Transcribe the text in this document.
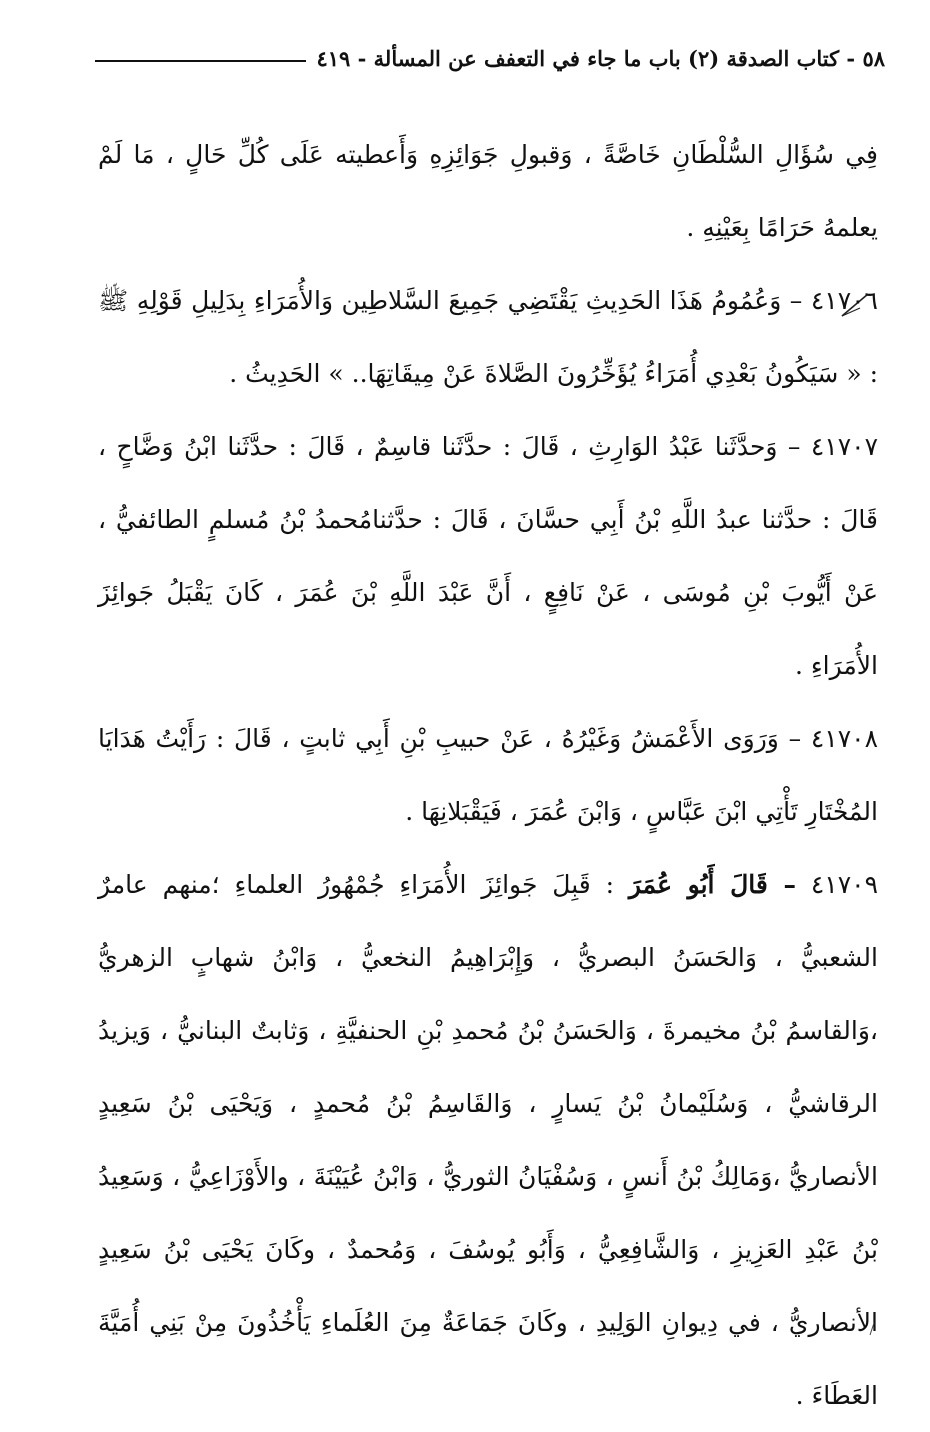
٥٨ - كتاب الصدقة (٢) باب ما جاء في التعفف عن المسألة - ٤١٩

فِي سُؤَالِ السُّلْطَانِ خَاصَّةً ، وَقبولِ جَوَائِزِهِ وَأَعطيته عَلَى كُلِّ حَالٍ ، مَا لَمْ يعلمهُ حَرَامًا بِعَيْنِهِ .

٤١٧٠٦ – وَعُمُومُ هَذَا الحَدِيثِ يَقْتَضِي جَمِيعَ السَّلاطِين وَالأُمَرَاءِ بِدَلِيلِ قَوْلِهِ ﷺ : « سَيَكُونُ بَعْدِي أُمَرَاءُ يُؤَخِّرُونَ الصَّلاةَ عَنْ مِيقَاتِهَا.. » الحَدِيثُ .

٤١٧٠٧ – وَحدَّثَنا عَبْدُ الوَارِثِ ، قَالَ : حدَّثَنا قاسِمٌ ، قَالَ : حدَّثَنا ابْنُ وَضَّاحٍ ، قَالَ : حدَّثنا عبدُ اللَّهِ بْنُ أَبِي حسَّانَ ، قَالَ : حدَّثنامُحمدُ بْنُ مُسلمٍ الطائفيُّ ، عَنْ أَيُّوبَ بْنِ مُوسَى ، عَنْ نَافِعٍ ، أَنَّ عَبْدَ اللَّهِ بْنَ عُمَرَ ، كَانَ يَقْبَلُ جَوائِزَ الأُمَرَاءِ .

٤١٧٠٨ – وَرَوَى الأَعْمَشُ وَغَيْرُهُ ، عَنْ حبيبِ بْنِ أَبِي ثابتٍ ، قَالَ : رَأَيْتُ هَدَايَا المُخْتَارِ تَأْتِي ابْنَ عَبَّاسٍ ، وَابْنَ عُمَرَ ، فَيَقْبَلانِهَا .

٤١٧٠٩ – قَالَ أَبُو عُمَرَ : قَبِلَ جَوائِزَ الأُمَرَاءِ جُمْهُورُ العلماءِ ؛منهم عامرٌ الشعبيُّ ، وَالحَسَنُ البصريُّ ، وَإِبْرَاهِيمُ النخعيُّ ، وَابْنُ شهابٍ الزهريُّ ،وَالقاسمُ بْنُ مخيمرةَ ، وَالحَسَنُ بْنُ مُحمدِ بْنِ الحنفيَّةِ ، وَثابتٌ البنانيُّ ، وَيزيدُ الرقاشيُّ ، وَسُلَيْمانُ بْنُ يَسارٍ ، وَالقَاسِمُ بْنُ مُحمدٍ ، وَيَحْيَى بْنُ سَعِيدٍ الأنصاريُّ ،وَمَالِكُ بْنُ أَنسٍ ، وَسُفْيَانُ الثوريُّ ، وَابْنُ عُيَيْنَةَ ، والأَوْزَاعِيُّ ، وَسَعِيدُ بْنُ عَبْدِ العَزِيزِ ، وَالشَّافِعِيُّ ، وَأَبُو يُوسُفَ ، وَمُحمدٌ ، وكَانَ يَحْيَى بْنُ سَعِيدٍ الأنصاريُّ ، في دِيوانِ الوَلِيدِ ، وكَانَ جَمَاعَةٌ مِنَ العُلَماءِ يَأْخُذُونَ مِنْ بَنِي أُمَيَّةَ العَطَاءَ .
